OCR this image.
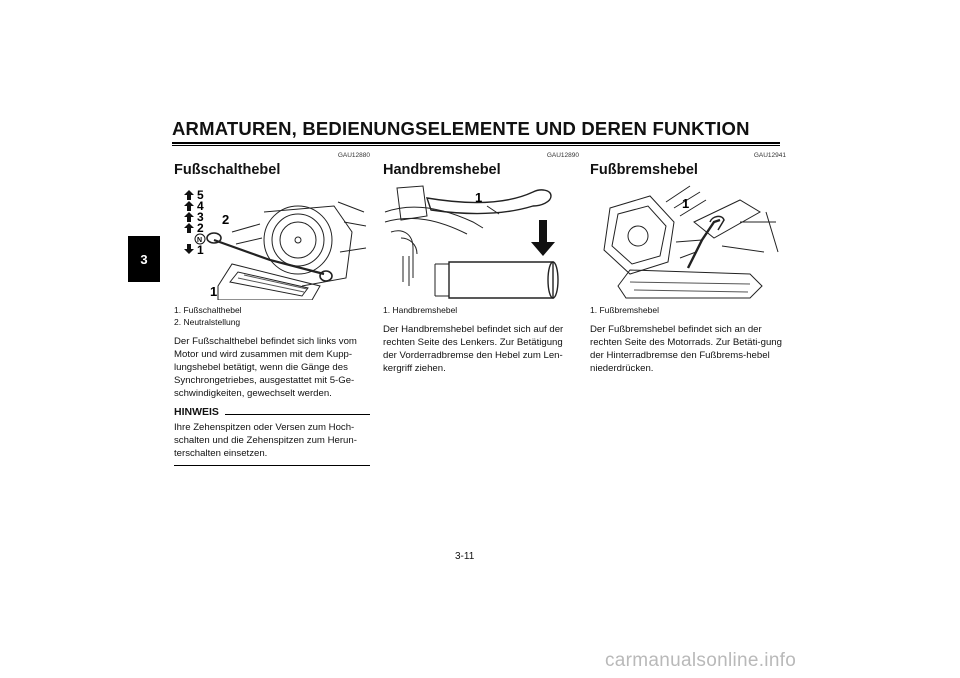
ARMATUREN, BEDIENUNGSELEMENTE UND DEREN FUNKTION
3
GAU12880
Fußschalthebel
5
4
3
2
N
1
2
1
1. Fußschalthebel
2. Neutralstellung
Der Fußschalthebel befindet sich links vom Motor und wird zusammen mit dem Kupp-lungshebel betätigt, wenn die Gänge des Synchrongetriebes, ausgestattet mit 5-Ge-schwindigkeiten, gewechselt werden.
HINWEIS
Ihre Zehenspitzen oder Versen zum Hoch-schalten und die Zehenspitzen zum Herun-terschalten einsetzen.
GAU12890
Handbremshebel
1
1. Handbremshebel
Der Handbremshebel befindet sich auf der rechten Seite des Lenkers. Zur Betätigung der Vorderradbremse den Hebel zum Len-kergriff ziehen.
GAU12941
Fußbremshebel
1
1. Fußbremshebel
Der Fußbremshebel befindet sich an der rechten Seite des Motorrads. Zur Betäti-gung der Hinterradbremse den Fußbrems-hebel niederdrücken.
3-11
carmanualsonline.info
